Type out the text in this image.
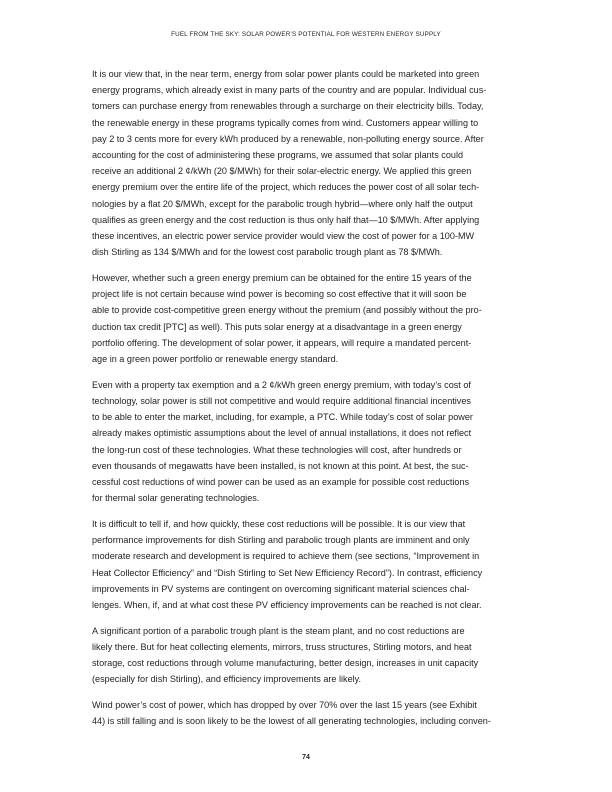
FUEL FROM THE SKY: SOLAR POWER’S POTENTIAL FOR WESTERN ENERGY SUPPLY

It is our view that, in the near term, energy from solar power plants could be marketed into green
energy programs, which already exist in many parts of the country and are popular. Individual cus-
tomers can purchase energy from renewables through a surcharge on their electricity bills. Today,
the renewable energy in these programs typically comes from wind. Customers appear willing to
pay 2 to 3 cents more for every kWh produced by a renewable, non-polluting energy source. After
accounting for the cost of administering these programs, we assumed that solar plants could
receive an additional 2 ¢/kWh (20 $/MWh) for their solar-electric energy. We applied this green
energy premium over the entire life of the project, which reduces the power cost of all solar tech-
nologies by a flat 20 $/MWh, except for the parabolic trough hybrid—where only half the output
qualifies as green energy and the cost reduction is thus only half that—10 $/MWh. After applying
these incentives, an electric power service provider would view the cost of power for a 100-MW
dish Stirling as 134 $/MWh and for the lowest cost parabolic trough plant as 78 $/MWh.

However, whether such a green energy premium can be obtained for the entire 15 years of the
project life is not certain because wind power is becoming so cost effective that it will soon be
able to provide cost-competitive green energy without the premium (and possibly without the pro-
duction tax credit [PTC] as well). This puts solar energy at a disadvantage in a green energy
portfolio offering. The development of solar power, it appears, will require a mandated percent-
age in a green power portfolio or renewable energy standard.

Even with a property tax exemption and a 2 ¢/kWh green energy premium, with today’s cost of
technology, solar power is still not competitive and would require additional financial incentives
to be able to enter the market, including, for example, a PTC. While today’s cost of solar power
already makes optimistic assumptions about the level of annual installations, it does not reflect
the long-run cost of these technologies. What these technologies will cost, after hundreds or
even thousands of megawatts have been installed, is not known at this point. At best, the suc-
cessful cost reductions of wind power can be used as an example for possible cost reductions
for thermal solar generating technologies.

It is difficult to tell if, and how quickly, these cost reductions will be possible. It is our view that
performance improvements for dish Stirling and parabolic trough plants are imminent and only
moderate research and development is required to achieve them (see sections, “Improvement in
Heat Collector Efficiency” and “Dish Stirling to Set New Efficiency Record”). In contrast, efficiency
improvements in PV systems are contingent on overcoming significant material sciences chal-
lenges. When, if, and at what cost these PV efficiency improvements can be reached is not clear.

A significant portion of a parabolic trough plant is the steam plant, and no cost reductions are
likely there. But for heat collecting elements, mirrors, truss structures, Stirling motors, and heat
storage, cost reductions through volume manufacturing, better design, increases in unit capacity
(especially for dish Stirling), and efficiency improvements are likely.

Wind power’s cost of power, which has dropped by over 70% over the last 15 years (see Exhibit
44) is still falling and is soon likely to be the lowest of all generating technologies, including conven-

74
